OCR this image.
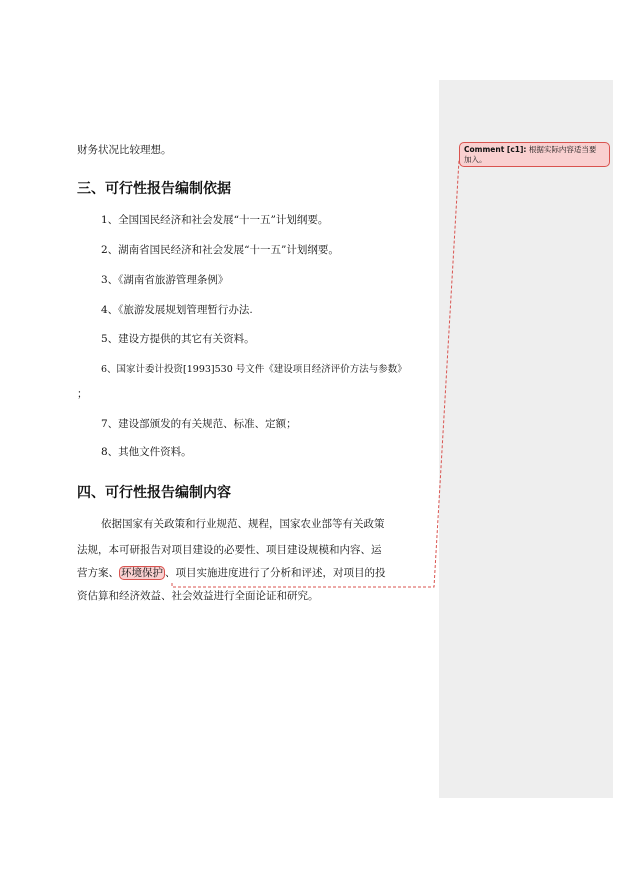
财务状况比较理想。
三、可行性报告编制依据
1、全国国民经济和社会发展“十一五”计划纲要。
2、湖南省国民经济和社会发展“十一五”计划纲要。
3、《湖南省旅游管理条例》
4、《旅游发展规划管理暂行办法.
5、建设方提供的其它有关资料。
6、国家计委计投资[1993]530 号文件《建设项目经济评价方法与参数》
；
7、建设部颁发的有关规范、标准、定额；
8、其他文件资料。
四、可行性报告编制内容
依据国家有关政策和行业规范、规程，国家农业部等有关政策
法规，本可研报告对项目建设的必要性、项目建设规模和内容、运
营方案、 环境保护 、项目实施进度进行了分析和评述，对项目的投
资估算和经济效益、社会效益进行全面论证和研究。
Comment [c1]: 根据实际内容适当要
加入。
